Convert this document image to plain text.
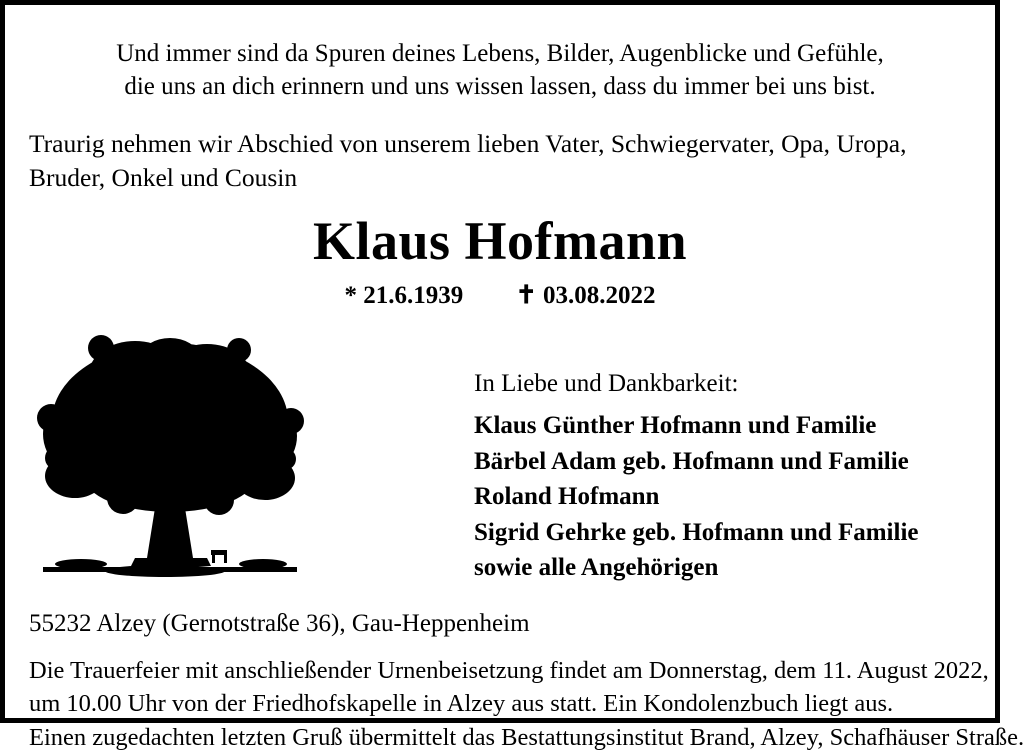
Und immer sind da Spuren deines Lebens, Bilder, Augenblicke und Gefühle,
die uns an dich erinnern und uns wissen lassen, dass du immer bei uns bist.
Traurig nehmen wir Abschied von unserem lieben Vater, Schwiegervater, Opa, Uropa, Bruder, Onkel und Cousin
Klaus Hofmann
* 21.6.1939 ✝ 03.08.2022
In Liebe und Dankbarkeit:
Klaus Günther Hofmann und Familie
Bärbel Adam geb. Hofmann und Familie
Roland Hofmann
Sigrid Gehrke geb. Hofmann und Familie
sowie alle Angehörigen
55232 Alzey (Gernotstraße 36), Gau-Heppenheim
Die Trauerfeier mit anschließender Urnenbeisetzung findet am Donnerstag, dem 11. August 2022,
um 10.00 Uhr von der Friedhofskapelle in Alzey aus statt. Ein Kondolenzbuch liegt aus.
Einen zugedachten letzten Gruß übermittelt das Bestattungsinstitut Brand, Alzey, Schafhäuser Straße.
